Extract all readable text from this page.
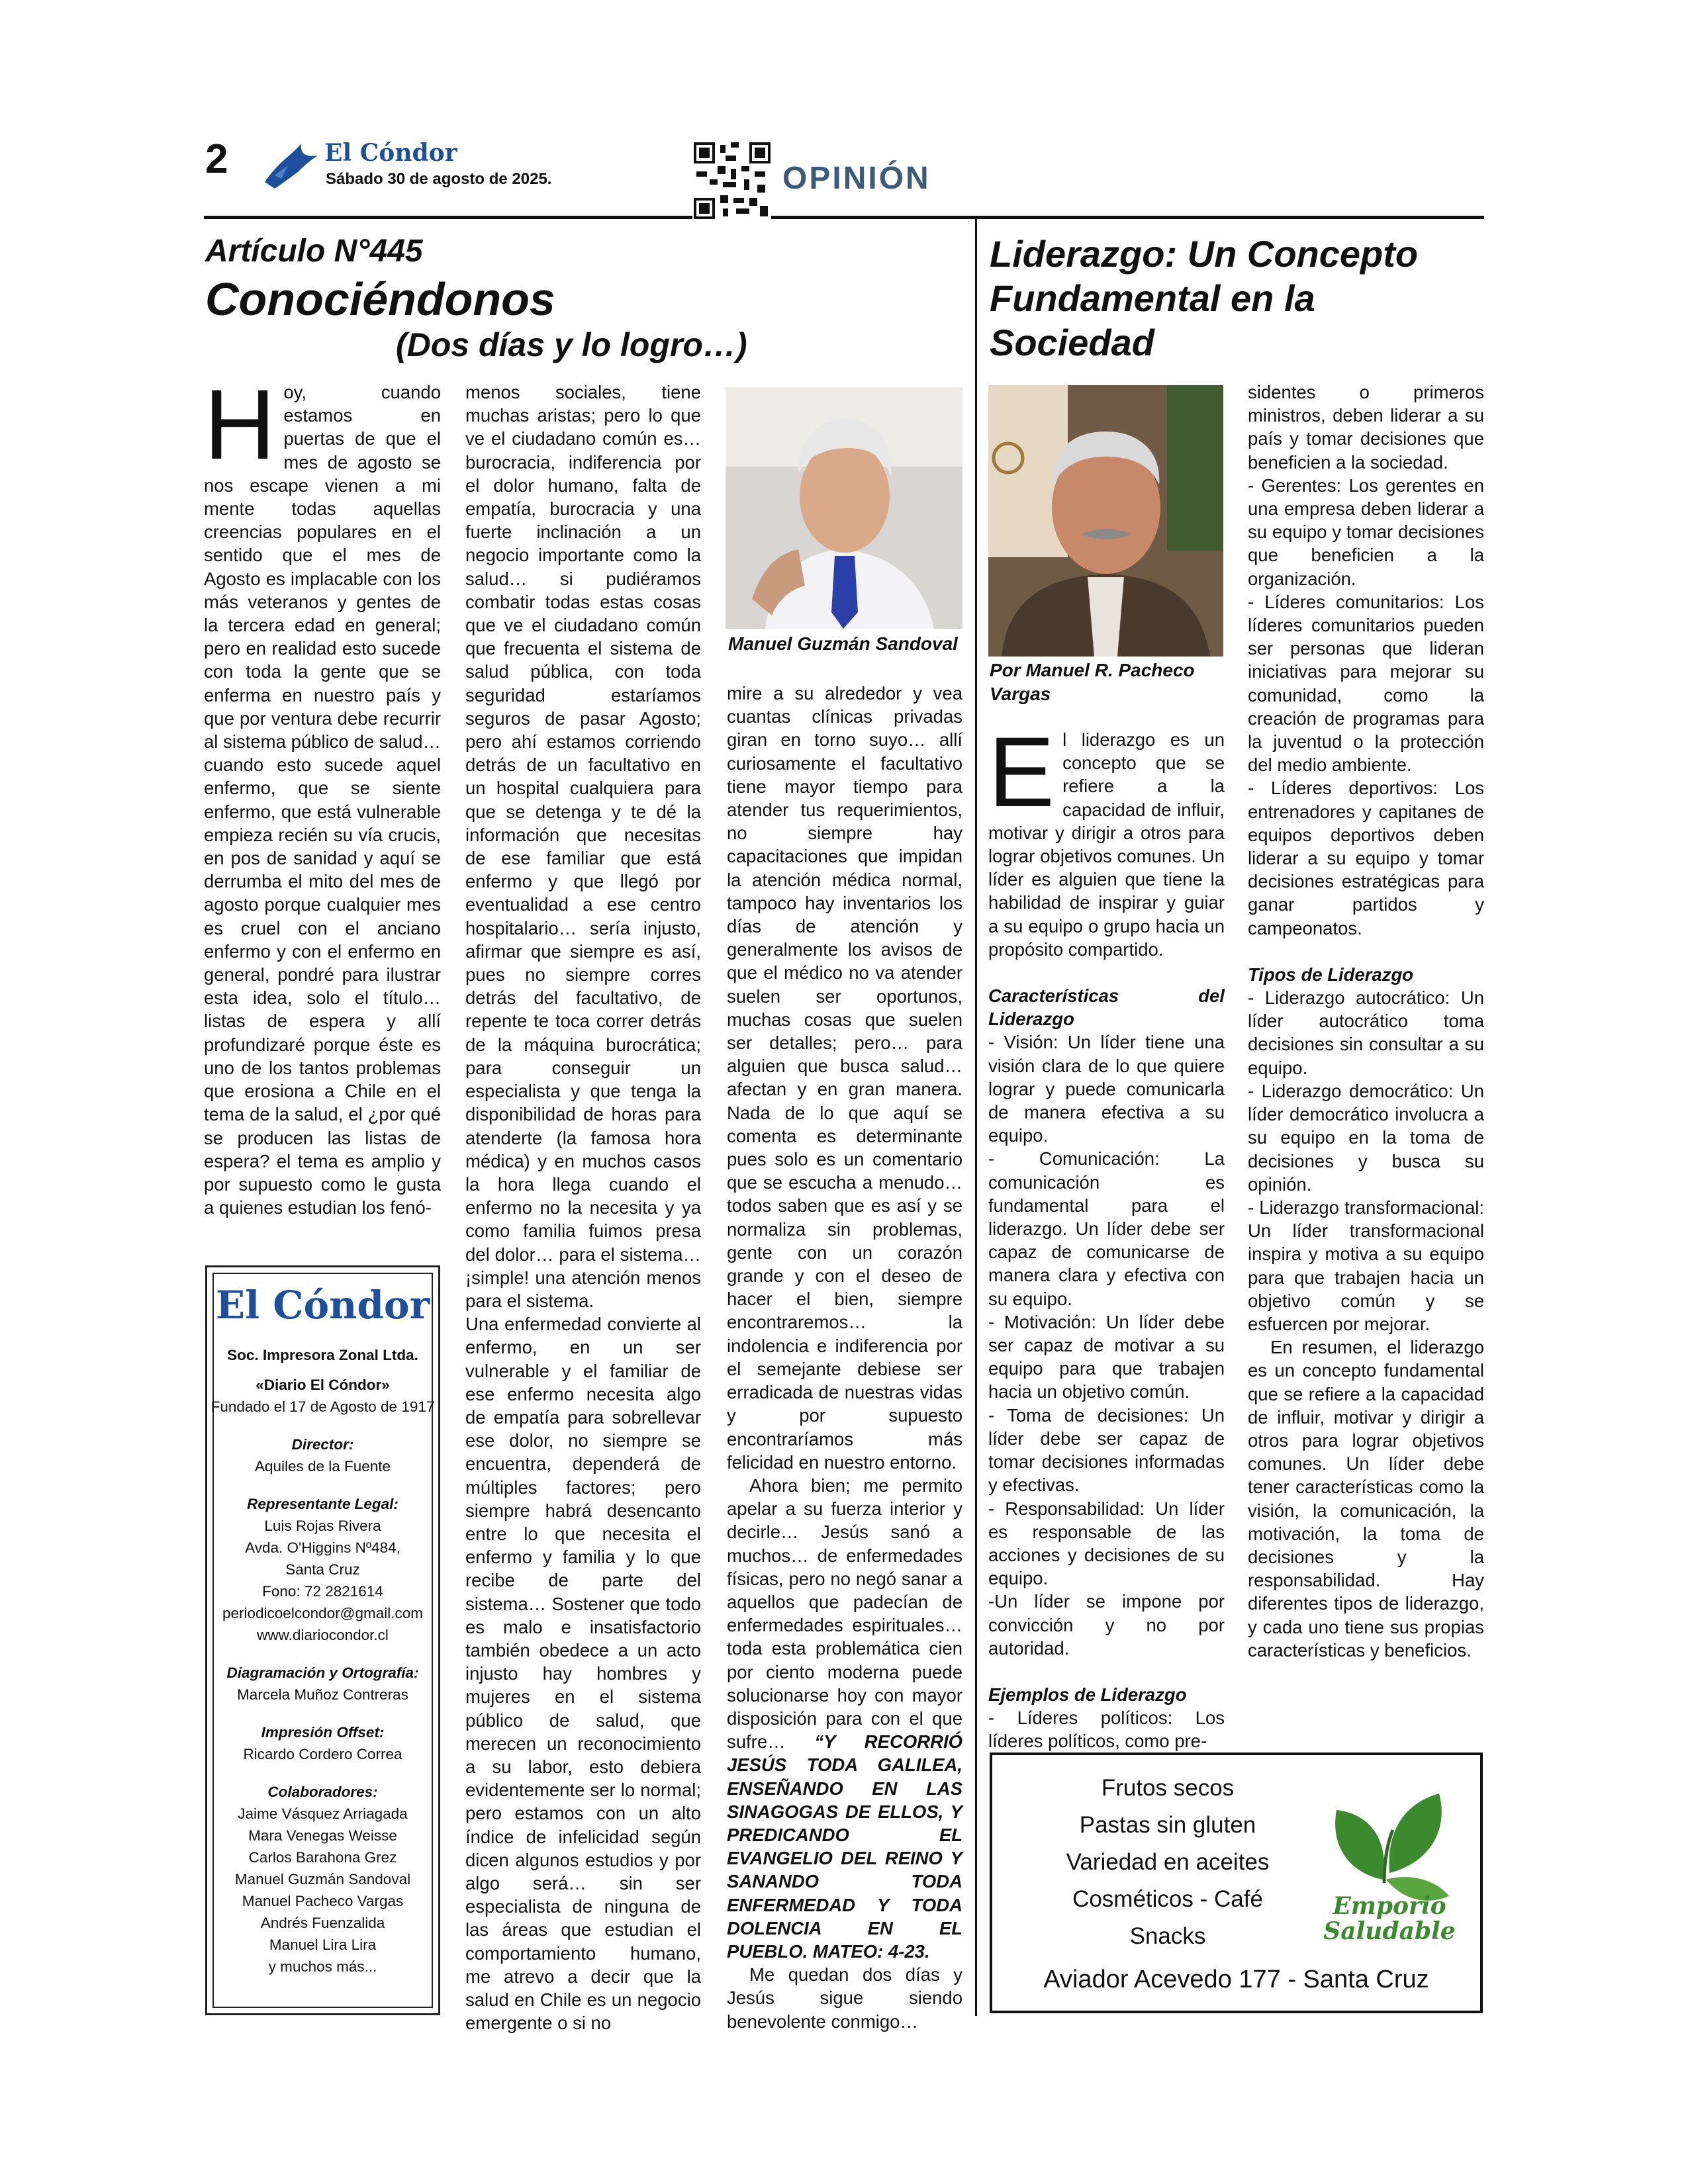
2	El Cóndor
Sábado 30 de agosto de 2025.	OPINIÓN
Artículo N°445
Conociéndonos
(Dos días y lo logro…)
H oy, cuando estamos en puertas de que el mes de agosto se nos escape vienen a mi mente todas aquellas creencias populares en el sentido que el mes de Agosto es implacable con los más veteranos y gentes de la tercera edad en general; pero en realidad esto sucede con toda la gente que se enferma en nuestro país y que por ventura debe recurrir al sistema público de salud… cuando esto sucede aquel enfermo, que se siente enfermo, que está vulnerable empieza recién su vía crucis, en pos de sanidad y aquí se derrumba el mito del mes de agosto porque cualquier mes es cruel con el anciano enfermo y con el enfermo en general, pondré para ilustrar esta idea, solo el título… listas de espera y allí profundizaré porque éste es uno de los tantos problemas que erosiona a Chile en el tema de la salud, el ¿por qué se producen las listas de espera? el tema es amplio y por supuesto como le gusta a quienes estudian los fenó-

menos sociales, tiene muchas aristas; pero lo que ve el ciudadano común es… burocracia, indiferencia por el dolor humano, falta de empatía, burocracia y una fuerte inclinación a un negocio importante como la salud… si pudiéramos combatir todas estas cosas que ve el ciudadano común que frecuenta el sistema de salud pública, con toda seguridad estaríamos seguros de pasar Agosto; pero ahí estamos corriendo detrás de un facultativo en un hospital cualquiera para que se detenga y te dé la información que necesitas de ese familiar que está enfermo y que llegó por eventualidad a ese centro hospitalario… sería injusto, afirmar que siempre es así, pues no siempre corres detrás del facultativo, de repente te toca correr detrás de la máquina burocrática; para conseguir un especialista y que tenga la disponibilidad de horas para atenderte (la famosa hora médica) y en muchos casos la hora llega cuando el enfermo no la necesita y ya como familia fuimos presa del dolor… para el sistema…¡simple! una atención menos para el sistema.

Una enfermedad convierte al enfermo, en un ser vulnerable y el familiar de ese enfermo necesita algo de empatía para sobrellevar ese dolor, no siempre se encuentra, dependerá de múltiples factores; pero siempre habrá desencanto entre lo que necesita el enfermo y familia y lo que recibe de parte del sistema… Sostener que todo es malo e insatisfactorio también obedece a un acto injusto hay hombres y mujeres en el sistema público de salud, que merecen un reconocimiento a su labor, esto debiera evidentemente ser lo normal; pero estamos con un alto índice de infelicidad según dicen algunos estudios y por algo será… sin ser especialista de ninguna de las áreas que estudian el comportamiento humano, me atrevo a decir que la salud en Chile es un negocio emergente o si no

Manuel Guzmán Sandoval

mire a su alrededor y vea cuantas clínicas privadas giran en torno suyo… allí curiosamente el facultativo tiene mayor tiempo para atender tus requerimientos, no siempre hay capacitaciones que impidan la atención médica normal, tampoco hay inventarios los días de atención y generalmente los avisos de que el médico no va atender suelen ser oportunos, muchas cosas que suelen ser detalles; pero… para alguien que busca salud… afectan y en gran manera. Nada de lo que aquí se comenta es determinante pues solo es un comentario que se escucha a menudo… todos saben que es así y se normaliza sin problemas, gente con un corazón grande y con el deseo de hacer el bien, siempre encontraremos… la indolencia e indiferencia por el semejante debiese ser erradicada de nuestras vidas y por supuesto encontraríamos más felicidad en nuestro entorno.

Ahora bien; me permito apelar a su fuerza interior y decirle… Jesús sanó a muchos… de enfermedades físicas, pero no negó sanar a aquellos que padecían de enfermedades espirituales… toda esta problemática cien por ciento moderna puede solucionarse hoy con mayor disposición para con el que sufre… “Y RECORRIÓ JESÚS TODA GALILEA, ENSEÑANDO EN LAS SINAGOGAS DE ELLOS, Y PREDICANDO EL EVANGELIO DEL REINO Y SANANDO TODA ENFERMEDAD Y TODA DOLENCIA EN EL PUEBLO. MATEO: 4-23.

Me quedan dos días y Jesús sigue siendo benevolente conmigo…

El Cóndor
Soc. Impresora Zonal Ltda.
«Diario El Cóndor»
Fundado el 17 de Agosto de 1917
Director:
Aquiles de la Fuente
Representante Legal:
Luis Rojas Rivera
Avda. O'Higgins Nº484,
Santa Cruz
Fono: 72 2821614
periodicoelcondor@gmail.com
www.diariocondor.cl
Diagramación y Ortografía:
Marcela Muñoz Contreras
Impresión Offset:
Ricardo Cordero Correa
Colaboradores:
Jaime Vásquez Arriagada
Mara Venegas Weisse
Carlos Barahona Grez
Manuel Guzmán Sandoval
Manuel Pacheco Vargas
Andrés Fuenzalida
Manuel Lira Lira
y muchos más...
Liderazgo: Un Concepto Fundamental en la Sociedad
Por Manuel R. Pacheco Vargas
E l liderazgo es un concepto que se refiere a la capacidad de influir, motivar y dirigir a otros para lograr objetivos comunes. Un líder es alguien que tiene la habilidad de inspirar y guiar a su equipo o grupo hacia un propósito compartido.

Características del Liderazgo

- Visión: Un líder tiene una visión clara de lo que quiere lograr y puede comunicarla de manera efectiva a su equipo.

- Comunicación: La comunicación es fundamental para el liderazgo. Un líder debe ser capaz de comunicarse de manera clara y efectiva con su equipo.

- Motivación: Un líder debe ser capaz de motivar a su equipo para que trabajen hacia un objetivo común.

- Toma de decisiones: Un líder debe ser capaz de tomar decisiones informadas y efectivas.

- Responsabilidad: Un líder es responsable de las acciones y decisiones de su equipo.

-Un líder se impone por convicción y no por autoridad.

Ejemplos de Liderazgo

- Líderes políticos: Los líderes políticos, como pre-

sidentes o primeros ministros, deben liderar a su país y tomar decisiones que beneficien a la sociedad.

- Gerentes: Los gerentes en una empresa deben liderar a su equipo y tomar decisiones que beneficien a la organización.

- Líderes comunitarios: Los líderes comunitarios pueden ser personas que lideran iniciativas para mejorar su comunidad, como la creación de programas para la juventud o la protección del medio ambiente.

- Líderes deportivos: Los entrenadores y capitanes de equipos deportivos deben liderar a su equipo y tomar decisiones estratégicas para ganar partidos y campeonatos.

Tipos de Liderazgo

- Liderazgo autocrático: Un líder autocrático toma decisiones sin consultar a su equipo.

- Liderazgo democrático: Un líder democrático involucra a su equipo en la toma de decisiones y busca su opinión.

- Liderazgo transformacional: Un líder transformacional inspira y motiva a su equipo para que trabajen hacia un objetivo común y se esfuercen por mejorar.

En resumen, el liderazgo es un concepto fundamental que se refiere a la capacidad de influir, motivar y dirigir a otros para lograr objetivos comunes. Un líder debe tener características como la visión, la comunicación, la motivación, la toma de decisiones y la responsabilidad. Hay diferentes tipos de liderazgo, y cada uno tiene sus propias características y beneficios.

Frutos secos
Pastas sin gluten
Variedad en aceites
Cosméticos - Café
Snacks
Emporio
Saludable
Aviador Acevedo 177 - Santa Cruz
